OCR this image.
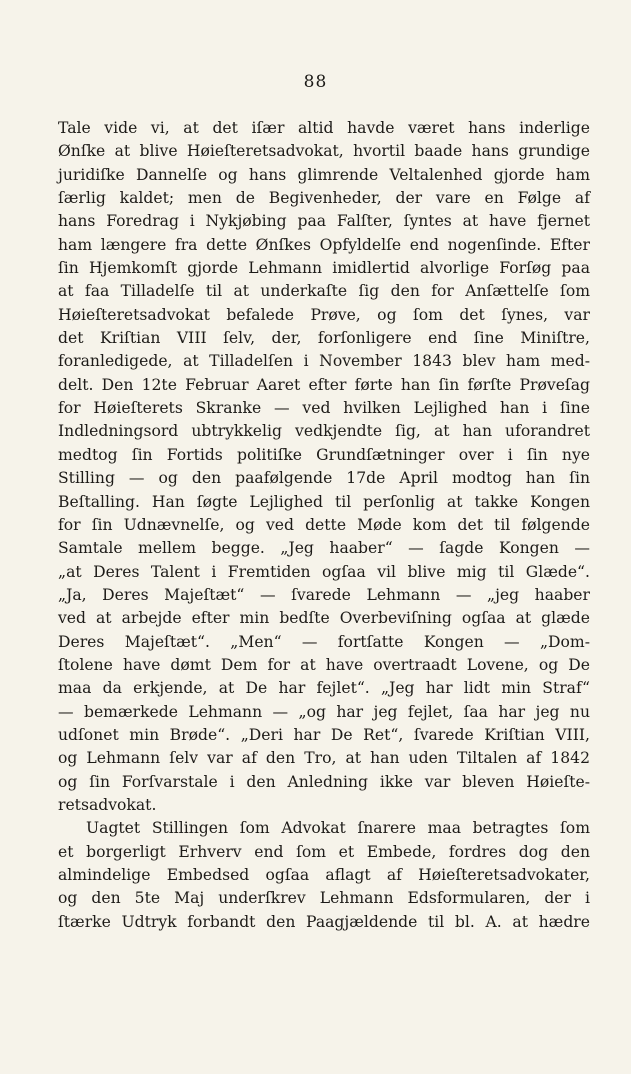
88
Tale vide vi, at det iſær altid havde været hans inderlige
Ønſke at blive Høieſteretsadvokat, hvortil baade hans grundige
juridiſke Dannelſe og hans glimrende Veltalenhed gjorde ham
ſærlig kaldet; men de Begivenheder, der vare en Følge af
hans Foredrag i Nykjøbing paa Falſter, ſyntes at have fjernet
ham længere fra dette Ønſkes Opfyldelſe end nogenſinde. Efter
ſin Hjemkomſt gjorde Lehmann imidlertid alvorlige Forſøg paa
at faa Tilladelſe til at underkaſte ſig den for Anſættelſe ſom
Høieſteretsadvokat befalede Prøve, og ſom det ſynes, var
det Kriſtian VIII ſelv, der, forſonligere end ſine Miniſtre,
foranledigede, at Tilladelſen i November 1843 blev ham med-
delt. Den 12te Februar Aaret efter førte han ſin førſte Prøveſag
for Høieſterets Skranke — ved hvilken Lejlighed han i ſine
Indledningsord ubtrykkelig vedkjendte ſig, at han uforandret
medtog ſin Fortids politiſke Grundſætninger over i ſin nye
Stilling — og den paafølgende 17de April modtog han ſin
Beſtalling. Han ſøgte Lejlighed til perſonlig at takke Kongen
for ſin Udnævnelſe, og ved dette Møde kom det til følgende
Samtale mellem begge. „Jeg haaber“ — ſagde Kongen —
„at Deres Talent i Fremtiden ogſaa vil blive mig til Glæde“.
„Ja, Deres Majeſtæt“ — ſvarede Lehmann — „jeg haaber
ved at arbejde efter min bedſte Overbeviſning ogſaa at glæde
Deres Majeſtæt“. „Men“ — fortſatte Kongen — „Dom-
ſtolene have dømt Dem for at have overtraadt Lovene, og De
maa da erkjende, at De har fejlet“. „Jeg har lidt min Straf“
— bemærkede Lehmann — „og har jeg fejlet, ſaa har jeg nu
udſonet min Brøde“. „Deri har De Ret“, ſvarede Kriſtian VIII,
og Lehmann ſelv var af den Tro, at han uden Tiltalen af 1842
og ſin Forſvarstale i den Anledning ikke var bleven Høieſte-
retsadvokat.
Uagtet Stillingen ſom Advokat ſnarere maa betragtes ſom
et borgerligt Erhverv end ſom et Embede, fordres dog den
almindelige Embedsed ogſaa aflagt af Høieſteretsadvokater,
og den 5te Maj underſkrev Lehmann Edsformularen, der i
ſtærke Udtryk forbandt den Paagjældende til bl. A. at hædre
